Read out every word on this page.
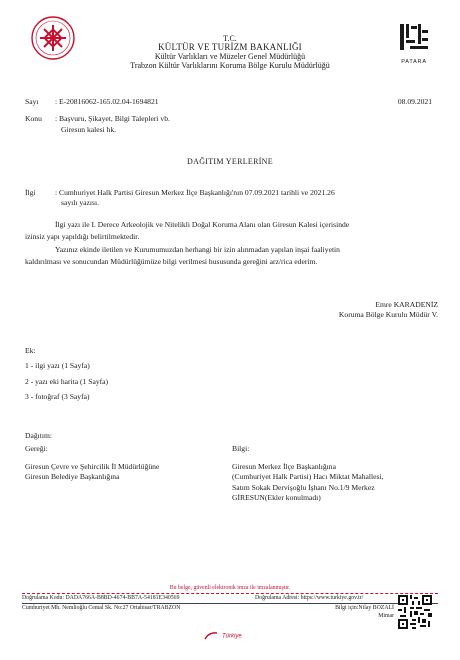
T.C.
KÜLTÜR VE TURİZM BAKANLIĞI
Kültür Varlıkları ve Müzeler Genel Müdürlüğü
Trabzon Kültür Varlıklarını Koruma Bölge Kurulu Müdürlüğü	PATARA
Sayı : E-20816062-165.02.04-1694821	08.09.2021
Konu : Başvuru, Şikayet, Bilgi Talepleri vb.
Giresun kalesi hk.
DAĞITIM YERLERİNE
İlgi	: Cumhuriyet Halk Partisi Giresun Merkez İlçe Başkanlığı'nın 07.09.2021 tarihli ve 2021.26
sayılı yazısı.
İlgi yazı ile I. Derece Arkeolojik ve Nitelikli Doğal Koruma Alanı olan Giresun Kalesi içerisinde
izinsiz yapı yapıldığı belirtilmektedir.
Yazınız ekinde iletilen ve Kurumumuzdan herhangi bir izin alınmadan yapılan inşai faaliyetin
kaldırılması ve sonucundan Müdürlüğümüze bilgi verilmesi hususunda gereğini arz/rica ederim.
Emre KARADENİZ
Koruma Bölge Kurulu Müdür V.
Ek:
1 - ilgi yazı (1 Sayfa)
2 - yazı eki harita (1 Sayfa)
3 - fotoğraf (3 Sayfa)
Dağıtım:
Gereği:
Giresun Çevre ve Şehircilik İl Müdürlüğüne
Giresun Belediye Başkanlığına
Bilgi:
Giresun Merkez İlçe Başkanlığına
(Cumhuriyet Halk Partisi) Hacı Miktat Mahallesi,
Satım Sokak Dervişoğlu İşhanı No.1/9 Merkez
GİRESUN(Ekler konulmadı)
Bu belge, güvenli elektronik imza ile imzalanmıştır.
Doğrulama Kodu: DADA766A-B8BD-4674-BB7A-54181E340569	Doğrulama Adresi: https://www.turkiye.gov.tr/
Cumhuriyet Mh. Nemlioğlu Cemal Sk. No:27 Ortahisar/TRABZON	Bilgi için:Nilay BOZALİ
Mimar
Türkiye
